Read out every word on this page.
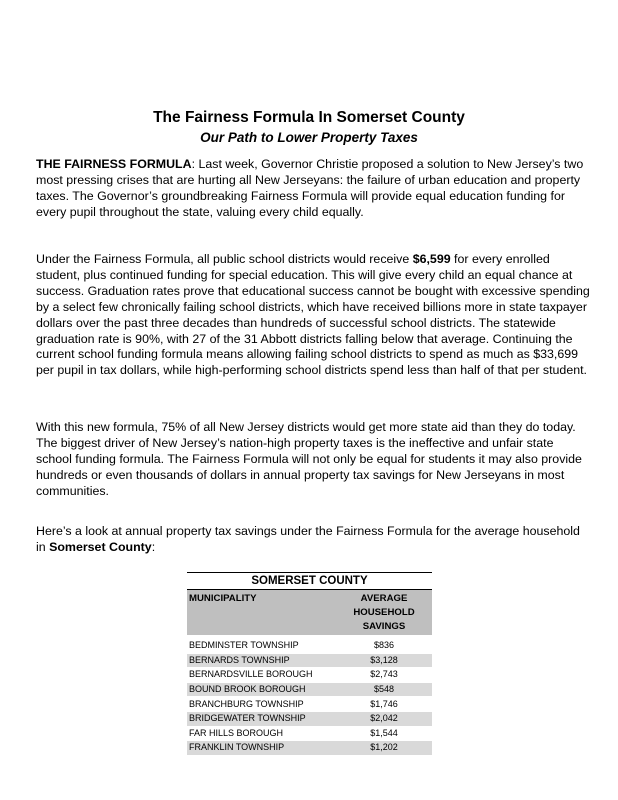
The Fairness Formula In Somerset County
Our Path to Lower Property Taxes

THE FAIRNESS FORMULA: Last week, Governor Christie proposed a solution to New Jersey’s two most pressing crises that are hurting all New Jerseyans: the failure of urban education and property taxes. The Governor’s groundbreaking Fairness Formula will provide equal education funding for every pupil throughout the state, valuing every child equally.

Under the Fairness Formula, all public school districts would receive $6,599 for every enrolled student, plus continued funding for special education. This will give every child an equal chance at success. Graduation rates prove that educational success cannot be bought with excessive spending by a select few chronically failing school districts, which have received billions more in state taxpayer dollars over the past three decades than hundreds of successful school districts. The statewide graduation rate is 90%, with 27 of the 31 Abbott districts falling below that average. Continuing the current school funding formula means allowing failing school districts to spend as much as $33,699 per pupil in tax dollars, while high-performing school districts spend less than half of that per student.

With this new formula, 75% of all New Jersey districts would get more state aid than they do today. The biggest driver of New Jersey’s nation-high property taxes is the ineffective and unfair state school funding formula. The Fairness Formula will not only be equal for students it may also provide hundreds or even thousands of dollars in annual property tax savings for New Jerseyans in most communities.

Here’s a look at annual property tax savings under the Fairness Formula for the average household in Somerset County:

SOMERSET COUNTY	
MUNICIPALITY	AVERAGE HOUSEHOLD SAVINGS

BEDMINSTER TOWNSHIP	$836
BERNARDS TOWNSHIP	$3,128
BERNARDSVILLE BOROUGH	$2,743
BOUND BROOK BOROUGH	$548
BRANCHBURG TOWNSHIP	$1,746
BRIDGEWATER TOWNSHIP	$2,042
FAR HILLS BOROUGH	$1,544
FRANKLIN TOWNSHIP	$1,202
